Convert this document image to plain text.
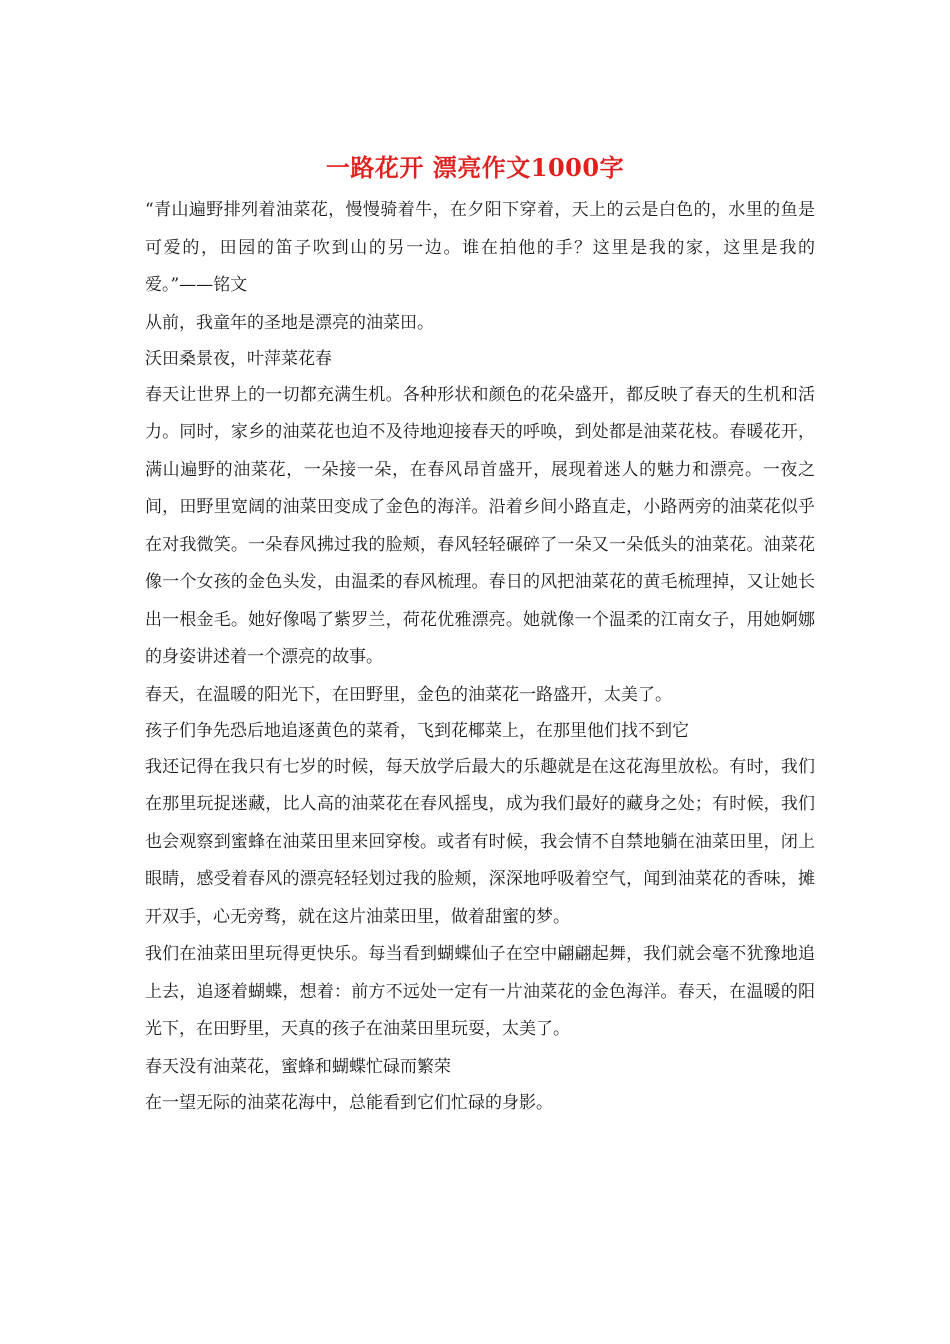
一路花开 漂亮作文1000字

“青山遍野排列着油菜花，慢慢骑着牛，在夕阳下穿着，天上的云是白色的，水里的鱼是可爱的，田园的笛子吹到山的另一边。谁在拍他的手？这里是我的家，这里是我的爱。”——铭文

从前，我童年的圣地是漂亮的油菜田。

沃田桑景夜，叶萍菜花春

春天让世界上的一切都充满生机。各种形状和颜色的花朵盛开，都反映了春天的生机和活力。同时，家乡的油菜花也迫不及待地迎接春天的呼唤，到处都是油菜花枝。春暖花开，满山遍野的油菜花，一朵接一朵，在春风昂首盛开，展现着迷人的魅力和漂亮。一夜之间，田野里宽阔的油菜田变成了金色的海洋。沿着乡间小路直走，小路两旁的油菜花似乎在对我微笑。一朵春风拂过我的脸颊，春风轻轻碾碎了一朵又一朵低头的油菜花。油菜花像一个女孩的金色头发，由温柔的春风梳理。春日的风把油菜花的黄毛梳理掉，又让她长出一根金毛。她好像喝了紫罗兰，荷花优雅漂亮。她就像一个温柔的江南女子，用她婀娜的身姿讲述着一个漂亮的故事。

春天，在温暖的阳光下，在田野里，金色的油菜花一路盛开，太美了。

孩子们争先恐后地追逐黄色的菜肴，飞到花椰菜上，在那里他们找不到它

我还记得在我只有七岁的时候，每天放学后最大的乐趣就是在这花海里放松。有时，我们在那里玩捉迷藏，比人高的油菜花在春风摇曳，成为我们最好的藏身之处；有时候，我们也会观察到蜜蜂在油菜田里来回穿梭。或者有时候，我会情不自禁地躺在油菜田里，闭上眼睛，感受着春风的漂亮轻轻划过我的脸颊，深深地呼吸着空气，闻到油菜花的香味，摊开双手，心无旁骛，就在这片油菜田里，做着甜蜜的梦。

我们在油菜田里玩得更快乐。每当看到蝴蝶仙子在空中翩翩起舞，我们就会毫不犹豫地追上去，追逐着蝴蝶，想着：前方不远处一定有一片油菜花的金色海洋。春天，在温暖的阳光下，在田野里，天真的孩子在油菜田里玩耍，太美了。

春天没有油菜花，蜜蜂和蝴蝶忙碌而繁荣

在一望无际的油菜花海中，总能看到它们忙碌的身影。
